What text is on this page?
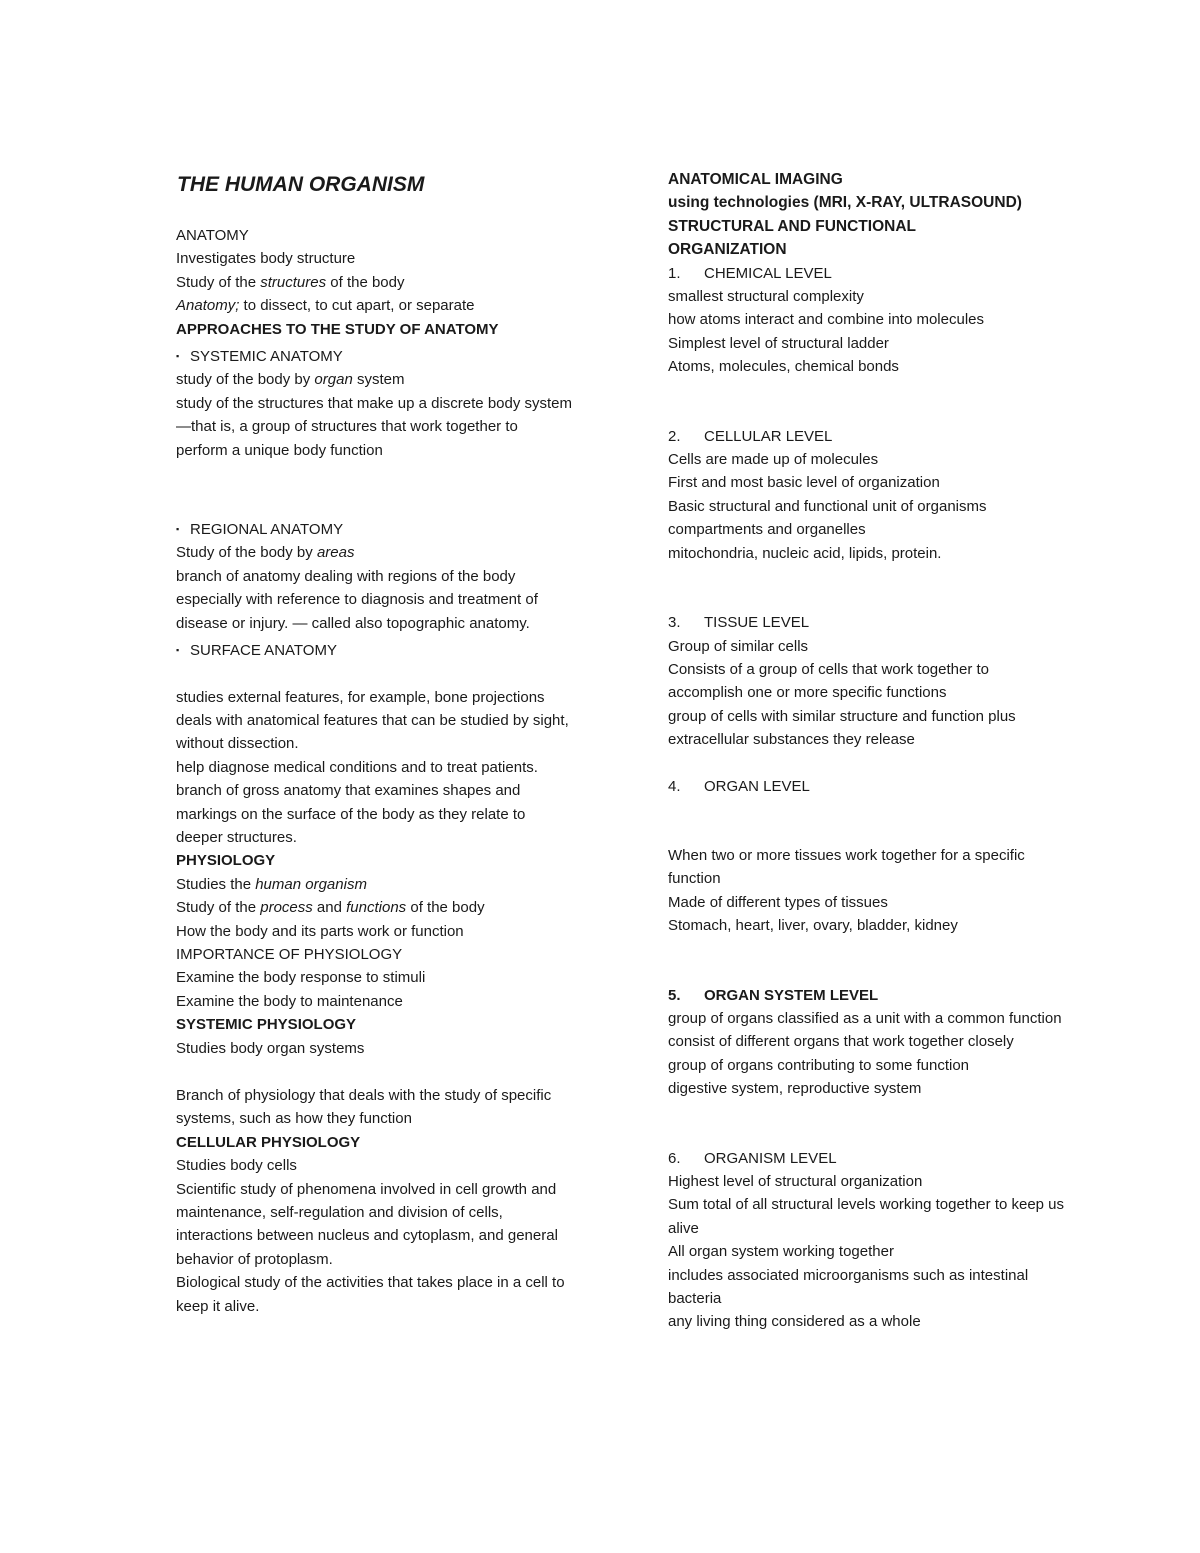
THE HUMAN ORGANISM
ANATOMY
Investigates body structure
Study of the structures of the body
Anatomy; to dissect, to cut apart, or separate
APPROACHES TO THE STUDY OF ANATOMY
▪ SYSTEMIC ANATOMY
study of the body by organ system
study of the structures that make up a discrete body system—that is, a group of structures that work together to
perform a unique body function
▪ REGIONAL ANATOMY
Study of the body by areas
branch of anatomy dealing with regions of the body especially with reference to diagnosis and treatment of disease or injury. — called also topographic anatomy.
▪ SURFACE ANATOMY
studies external features, for example, bone projections
deals with anatomical features that can be studied by sight, without dissection.
help diagnose medical conditions and to treat patients.
branch of gross anatomy that examines shapes and markings on the surface of the body as they relate to deeper structures.
PHYSIOLOGY
Studies the human organism
Study of the process and functions of the body
How the body and its parts work or function
IMPORTANCE OF PHYSIOLOGY
Examine the body response to stimuli
Examine the body to maintenance
SYSTEMIC PHYSIOLOGY
Studies body organ systems
Branch of physiology that deals with the study of specific systems, such as how they function
CELLULAR PHYSIOLOGY
Studies body cells
Scientific study of phenomena involved in cell growth and maintenance, self-regulation and division of cells, interactions between nucleus and cytoplasm, and general behavior of protoplasm.
Biological study of the activities that takes place in a cell to keep it alive.
ANATOMICAL IMAGING
using technologies (MRI, X-RAY, ULTRASOUND)
STRUCTURAL AND FUNCTIONAL ORGANIZATION
1. CHEMICAL LEVEL
smallest structural complexity
how atoms interact and combine into molecules
Simplest level of structural ladder
Atoms, molecules, chemical bonds
2. CELLULAR LEVEL
Cells are made up of molecules
First and most basic level of organization
Basic structural and functional unit of organisms
compartments and organelles
mitochondria, nucleic acid, lipids, protein.
3. TISSUE LEVEL
Group of similar cells
Consists of a group of cells that work together to accomplish one or more specific functions
group of cells with similar structure and function plus extracellular substances they release
4. ORGAN LEVEL
When two or more tissues work together for a specific function
Made of different types of tissues
Stomach, heart, liver, ovary, bladder, kidney
5. ORGAN SYSTEM LEVEL
group of organs classified as a unit with a common function
consist of different organs that work together closely
group of organs contributing to some function
digestive system, reproductive system
6. ORGANISM LEVEL
Highest level of structural organization
Sum total of all structural levels working together to keep us alive
All organ system working together
includes associated microorganisms such as intestinal bacteria
any living thing considered as a whole
